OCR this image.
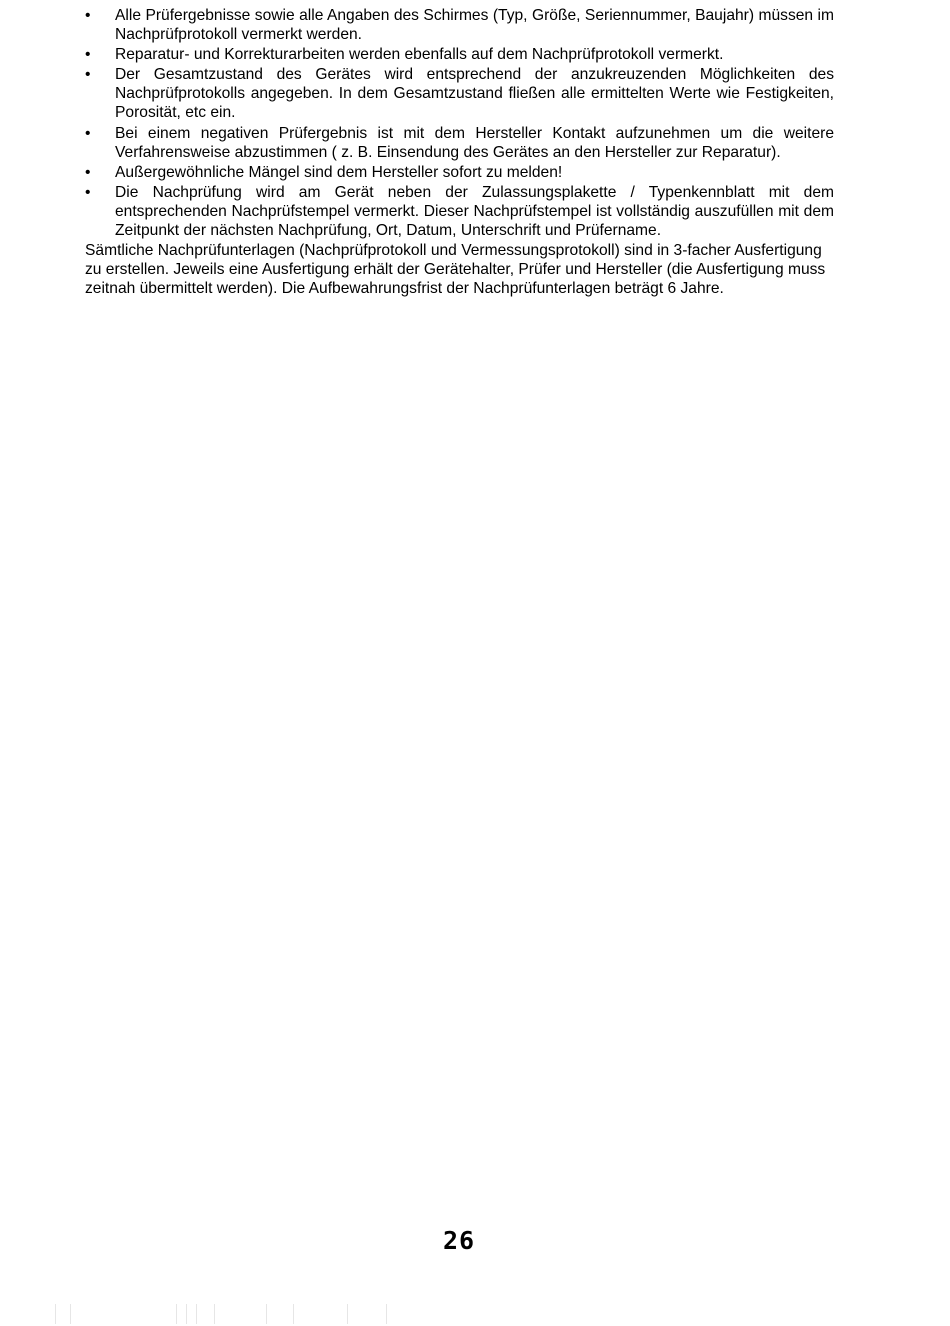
• Alle Prüfergebnisse sowie alle Angaben des Schirmes (Typ, Größe, Seriennummer, Baujahr) müssen im Nachprüfprotokoll vermerkt werden.
• Reparatur- und Korrekturarbeiten werden ebenfalls auf dem Nachprüfprotokoll vermerkt.
• Der Gesamtzustand des Gerätes wird entsprechend der anzukreuzenden Möglichkeiten des Nachprüfprotokolls angegeben. In dem Gesamtzustand fließen alle ermittelten Werte wie Festigkeiten, Porosität, etc ein.
• Bei einem negativen Prüfergebnis ist mit dem Hersteller Kontakt aufzunehmen um die weitere Verfahrensweise abzustimmen ( z. B. Einsendung des Gerätes an den Hersteller zur Reparatur).
• Außergewöhnliche Mängel sind dem Hersteller sofort zu melden!
• Die Nachprüfung wird am Gerät neben der Zulassungsplakette / Typenkennblatt mit dem entsprechenden Nachprüfstempel vermerkt. Dieser Nachprüfstempel ist vollständig auszufüllen mit dem Zeitpunkt der nächsten Nachprüfung, Ort, Datum, Unterschrift und Prüfername.

Sämtliche Nachprüfunterlagen (Nachprüfprotokoll und Vermessungsprotokoll) sind in 3-facher Ausfertigung zu erstellen. Jeweils eine Ausfertigung erhält der Gerätehalter, Prüfer und Hersteller (die Ausfertigung muss zeitnah übermittelt werden). Die Aufbewahrungsfrist der Nachprüfunterlagen beträgt 6 Jahre.

26
